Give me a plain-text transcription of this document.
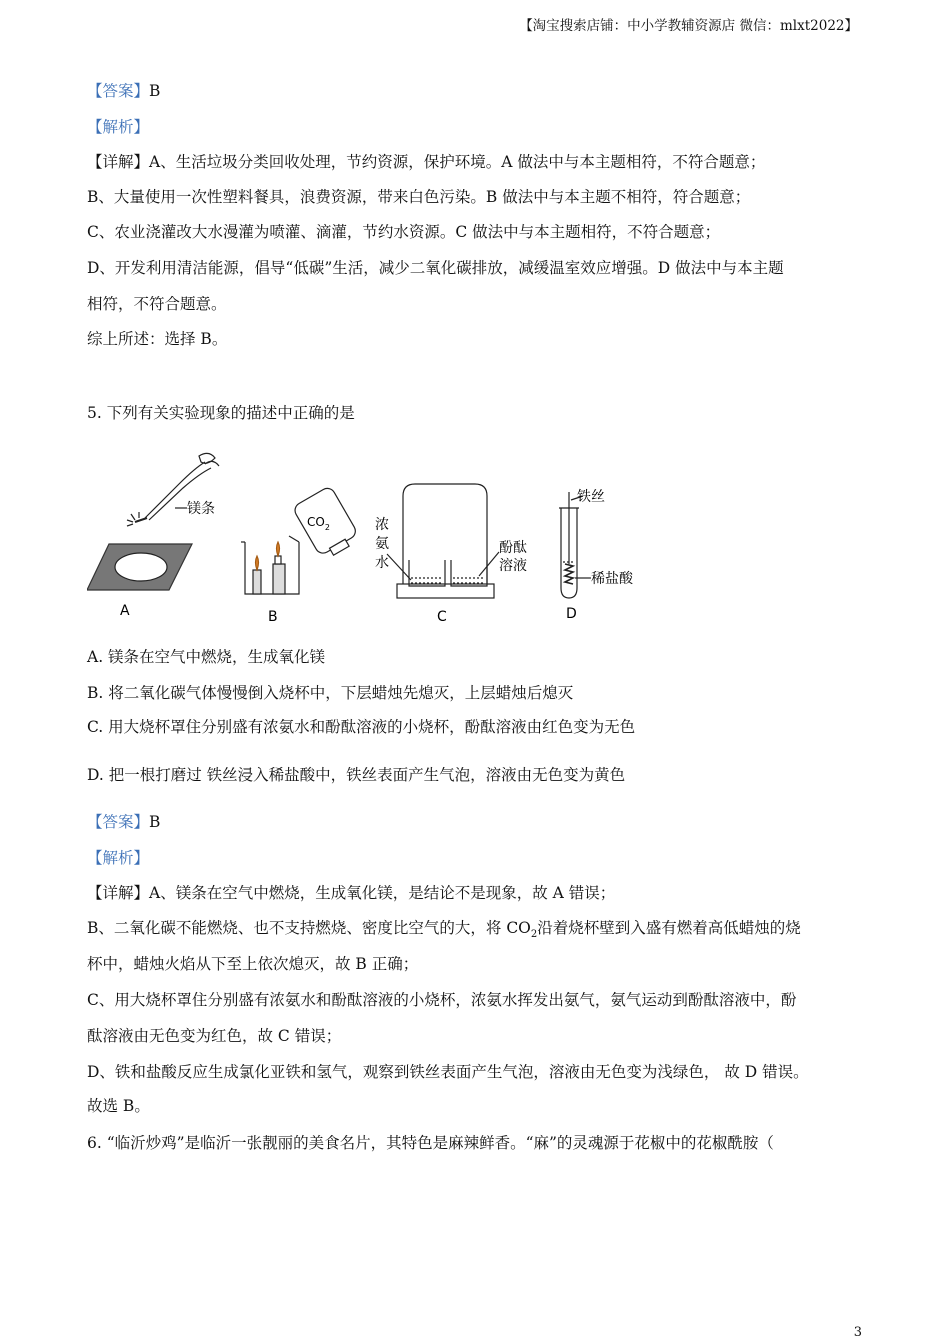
【淘宝搜索店铺：中小学教辅资源店 微信：mlxt2022】
【答案】B
【解析】
【详解】A、生活垃圾分类回收处理，节约资源，保护环境。A 做法中与本主题相符，不符合题意；
B、大量使用一次性塑料餐具，浪费资源，带来白色污染。B 做法中与本主题不相符，符合题意；
C、农业浇灌改大水漫灌为喷灌、滴灌，节约水资源。C 做法中与本主题相符，不符合题意；
D、开发利用清洁能源，倡导“低碳”生活，减少二氧化碳排放，减缓温室效应增强。D 做法中与本主题
相符，不符合题意。
综上所述：选择 B。
5. 下列有关实验现象的描述中正确的是
镁条
A
$CO_2$
B
浓
氨
水
酚酞
溶液
C
铁丝
稀盐酸
D
A. 镁条在空气中燃烧，生成氧化镁
B. 将二氧化碳气体慢慢倒入烧杯中，下层蜡烛先熄灭，上层蜡烛后熄灭
C. 用大烧杯罩住分别盛有浓氨水和酚酞溶液的小烧杯，酚酞溶液由红色变为无色
D. 把一根打磨过 铁丝浸入稀盐酸中，铁丝表面产生气泡，溶液由无色变为黄色
【答案】B
【解析】
【详解】A、镁条在空气中燃烧，生成氧化镁，是结论不是现象，故 A 错误；
B、二氧化碳不能燃烧、也不支持燃烧、密度比空气的大，将 $CO_2$沿着烧杯壁到入盛有燃着高低蜡烛的烧
杯中，蜡烛火焰从下至上依次熄灭，故 B 正确；
C、用大烧杯罩住分别盛有浓氨水和酚酞溶液的小烧杯，浓氨水挥发出氨气，氨气运动到酚酞溶液中，酚
酞溶液由无色变为红色，故 C 错误；
D、铁和盐酸反应生成氯化亚铁和氢气，观察到铁丝表面产生气泡，溶液由无色变为浅绿色， 故 D 错误。
故选 B。
6. “临沂炒鸡”是临沂一张靓丽的美食名片，其特色是麻辣鲜香。“麻”的灵魂源于花椒中的花椒酰胺（
3
